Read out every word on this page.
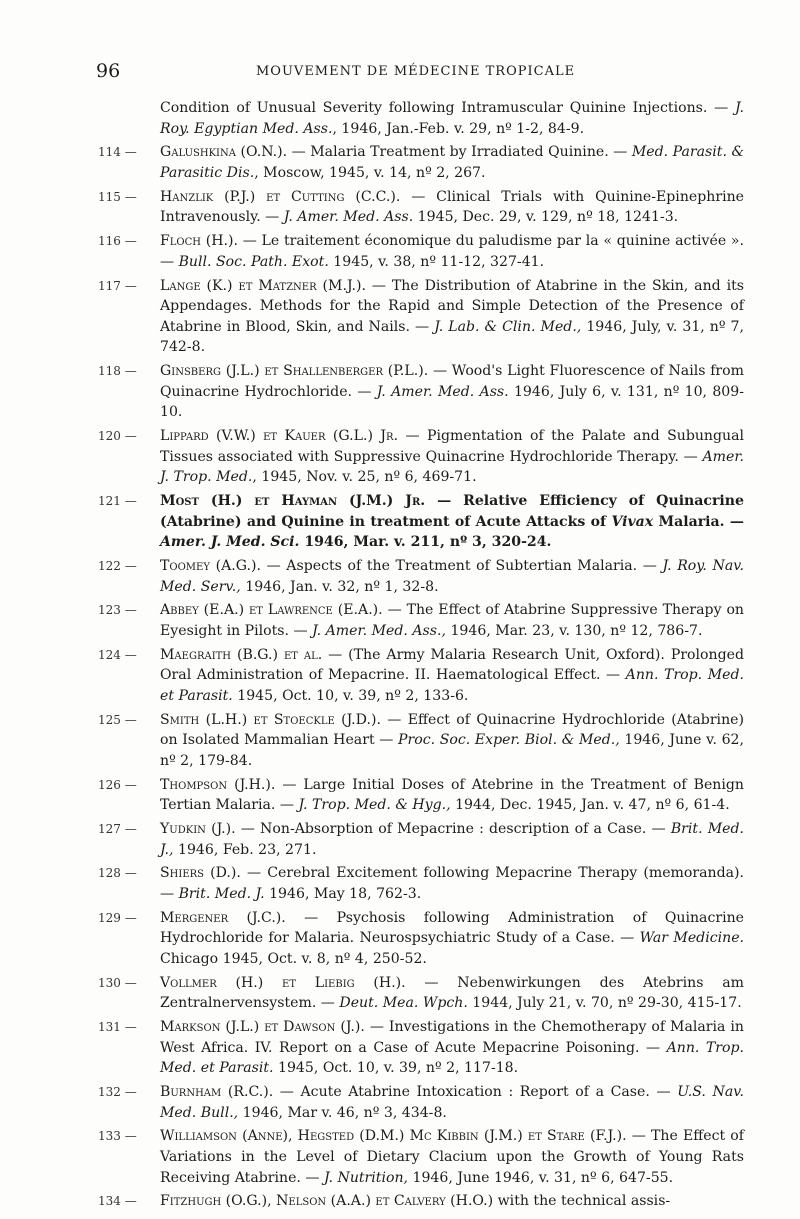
96	MOUVEMENT DE MÉDECINE TROPICALE
Condition of Unusual Severity following Intramuscular Quinine Injections. — J. Roy. Egyptian Med. Ass., 1946, Jan.-Feb. v. 29, nº 1-2, 84-9.
114 — Galushkina (O.N.). — Malaria Treatment by Irradiated Quinine. — Med. Parasit. & Parasitic Dis., Moscow, 1945, v. 14, nº 2, 267.
115 — Hanzlik (P.J.) et Cutting (C.C.). — Clinical Trials with Quinine-Epinephrine Intravenously. — J. Amer. Med. Ass. 1945, Dec. 29, v. 129, nº 18, 1241-3.
116 — Floch (H.). — Le traitement économique du paludisme par la « quinine activée ». — Bull. Soc. Path. Exot. 1945, v. 38, nº 11-12, 327-41.
117 — Lange (K.) et Matzner (M.J.). — The Distribution of Atabrine in the Skin, and its Appendages. Methods for the Rapid and Simple Detection of the Presence of Atabrine in Blood, Skin, and Nails. — J. Lab. & Clin. Med., 1946, July, v. 31, nº 7, 742-8.
118 — Ginsberg (J.L.) et Shallenberger (P.L.). — Wood's Light Fluorescence of Nails from Quinacrine Hydrochloride. — J. Amer. Med. Ass. 1946, July 6, v. 131, nº 10, 809-10.
120 — Lippard (V.W.) et Kauer (G.L.) Jr. — Pigmentation of the Palate and Subungual Tissues associated with Suppressive Quinacrine Hydrochloride Therapy. — Amer. J. Trop. Med., 1945, Nov. v. 25, nº 6, 469-71.
121 — Most (H.) et Hayman (J.M.) Jr. — Relative Efficiency of Quinacrine (Atabrine) and Quinine in treatment of Acute Attacks of Vivax Malaria. — Amer. J. Med. Sci. 1946, Mar. v. 211, nº 3, 320-24.
122 — Toomey (A.G.). — Aspects of the Treatment of Subtertian Malaria. — J. Roy. Nav. Med. Serv., 1946, Jan. v. 32, nº 1, 32-8.
123 — Abbey (E.A.) et Lawrence (E.A.). — The Effect of Atabrine Suppressive Therapy on Eyesight in Pilots. — J. Amer. Med. Ass., 1946, Mar. 23, v. 130, nº 12, 786-7.
124 — Maegraith (B.G.) et al. — (The Army Malaria Research Unit, Oxford). Prolonged Oral Administration of Mepacrine. II. Haematological Effect. — Ann. Trop. Med. et Parasit. 1945, Oct. 10, v. 39, nº 2, 133-6.
125 — Smith (L.H.) et Stoeckle (J.D.). — Effect of Quinacrine Hydrochloride (Atabrine) on Isolated Mammalian Heart — Proc. Soc. Exper. Biol. & Med., 1946, June v. 62, nº 2, 179-84.
126 — Thompson (J.H.). — Large Initial Doses of Atebrine in the Treatment of Benign Tertian Malaria. — J. Trop. Med. & Hyg., 1944, Dec. 1945, Jan. v. 47, nº 6, 61-4.
127 — Yudkin (J.). — Non-Absorption of Mepacrine : description of a Case. — Brit. Med. J., 1946, Feb. 23, 271.
128 — Shiers (D.). — Cerebral Excitement following Mepacrine Therapy (memoranda). — Brit. Med. J. 1946, May 18, 762-3.
129 — Mergener (J.C.). — Psychosis following Administration of Quinacrine Hydrochloride for Malaria. Neurospsychiatric Study of a Case. — War Medicine. Chicago 1945, Oct. v. 8, nº 4, 250-52.
130 — Vollmer (H.) et Liebig (H.). — Nebenwirkungen des Atebrins am Zentralnervensystem. — Deut. Mea. Wpch. 1944, July 21, v. 70, nº 29-30, 415-17.
131 — Markson (J.L.) et Dawson (J.). — Investigations in the Chemotherapy of Malaria in West Africa. IV. Report on a Case of Acute Mepacrine Poisoning. — Ann. Trop. Med. et Parasit. 1945, Oct. 10, v. 39, nº 2, 117-18.
132 — Burnham (R.C.). — Acute Atabrine Intoxication : Report of a Case. — U.S. Nav. Med. Bull., 1946, Mar v. 46, nº 3, 434-8.
133 — Williamson (Anne), Hegsted (D.M.) Mc Kibbin (J.M.) et Stare (F.J.). — The Effect of Variations in the Level of Dietary Clacium upon the Growth of Young Rats Receiving Atabrine. — J. Nutrition, 1946, June 1946, v. 31, nº 6, 647-55.
134 — Fitzhugh (O.G.), Nelson (A.A.) et Calvery (H.O.) with the technical assis-
